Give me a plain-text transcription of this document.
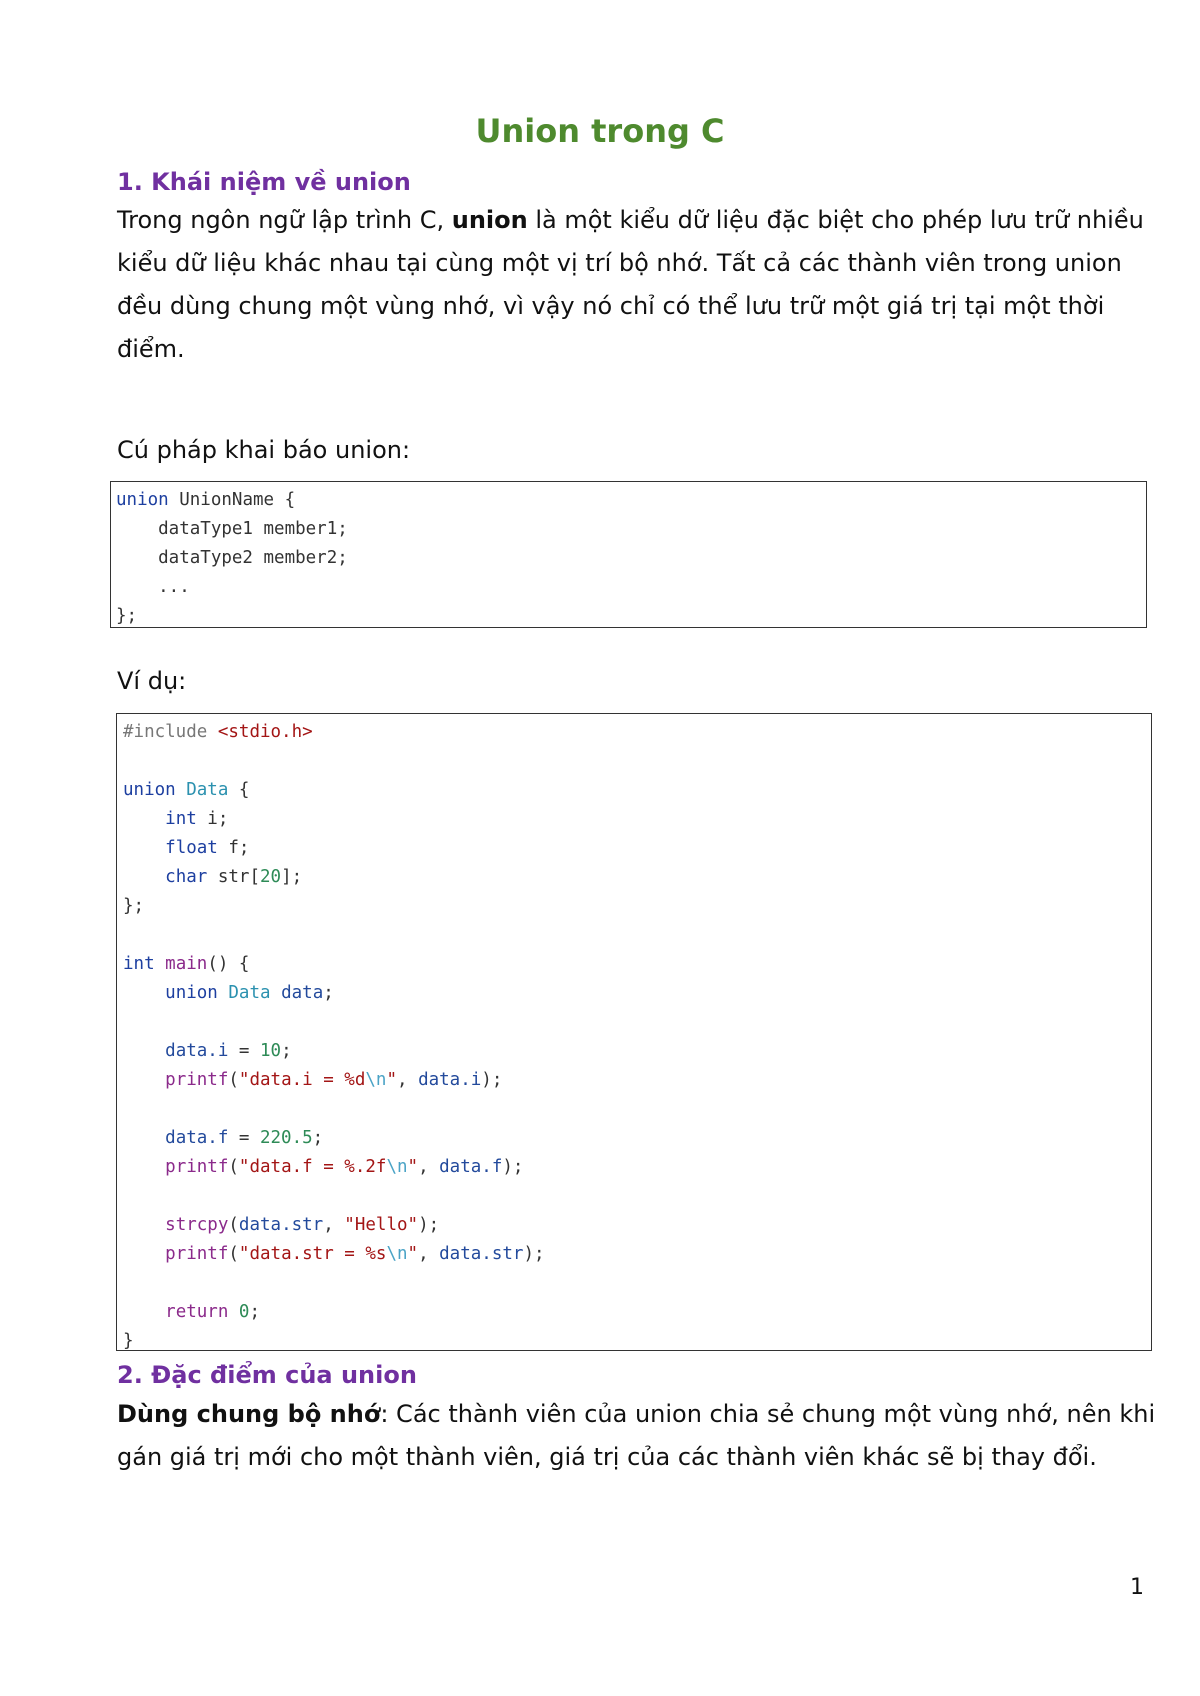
Union trong C
1. Khái niệm về union

Trong ngôn ngữ lập trình C, union là một kiểu dữ liệu đặc biệt cho phép lưu trữ nhiều kiểu dữ liệu khác nhau tại cùng một vị trí bộ nhớ. Tất cả các thành viên trong union đều dùng chung một vùng nhớ, vì vậy nó chỉ có thể lưu trữ một giá trị tại một thời điểm.

Cú pháp khai báo union:

union UnionName {
dataType1 member1;
dataType2 member2;
...
};

Ví dụ:

#include <stdio.h>

union Data {
int i;
float f;
char str[20];
};

int main() {
union Data data;

data.i = 10;
printf("data.i = %d\n", data.i);

data.f = 220.5;
printf("data.f = %.2f\n", data.f);

strcpy(data.str, "Hello");
printf("data.str = %s\n", data.str);

return 0;
}
2. Đặc điểm của union

Dùng chung bộ nhớ: Các thành viên của union chia sẻ chung một vùng nhớ, nên khi gán giá trị mới cho một thành viên, giá trị của các thành viên khác sẽ bị thay đổi.

1
